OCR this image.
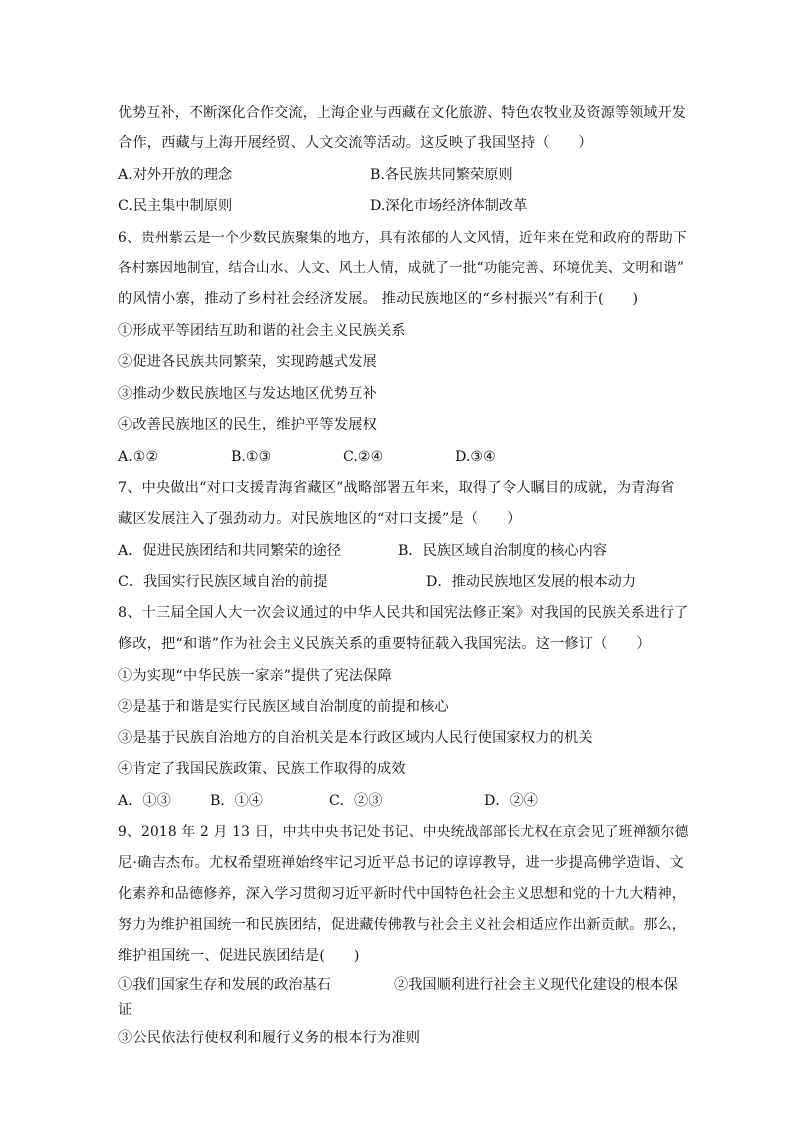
优势互补，不断深化合作交流，上海企业与西藏在文化旅游、特色农牧业及资源等领域开发
合作，西藏与上海开展经贸、人文交流等活动。这反映了我国坚持（　　）
A.对外开放的理念	B.各民族共同繁荣原则
C.民主集中制原则	D.深化市场经济体制改革
6、贵州紫云是一个少数民族聚集的地方，具有浓郁的人文风情，近年来在党和政府的帮助下
各村寨因地制宜，结合山水、人文、风土人情，成就了一批“功能完善、环境优美、文明和谐”
的风情小寨，推动了乡村社会经济发展。 推动民族地区的“乡村振兴”有利于(　　)
①形成平等团结互助和谐的社会主义民族关系
②促进各民族共同繁荣，实现跨越式发展
③推动少数民族地区与发达地区优势互补
④改善民族地区的民生，维护平等发展权
A.①②	B.①③	C.②④	D.③④
7、中央做出“对口支援青海省藏区”战略部署五年来，取得了令人瞩目的成就，为青海省
藏区发展注入了强劲动力。对民族地区的“对口支援”是（　　）
A．促进民族团结和共同繁荣的途径	B．民族区域自治制度的核心内容
C．我国实行民族区域自治的前提	D．推动民族地区发展的根本动力
8、十三届全国人大一次会议通过的中华人民共和国宪法修正案》对我国的民族关系进行了
修改，把“和谐”作为社会主义民族关系的重要特征载入我国宪法。这一修订（　　）
①为实现“中华民族一家亲”提供了宪法保障
②是基于和谐是实行民族区域自治制度的前提和核心
③是基于民族自治地方的自治机关是本行政区域内人民行使国家权力的机关
④肯定了我国民族政策、民族工作取得的成效
A．①③	B．①④	C．②③	D．②④
9、2018 年 2 月 13 日，中共中央书记处书记、中央统战部部长尤权在京会见了班禅额尔德
尼·确吉杰布。尤权希望班禅始终牢记习近平总书记的谆谆教导，进一步提高佛学造诣、文
化素养和品德修养，深入学习贯彻习近平新时代中国特色社会主义思想和党的十九大精神，
努力为维护祖国统一和民族团结，促进藏传佛教与社会主义社会相适应作出新贡献。那么，
维护祖国统一、促进民族团结是(　　)
①我们国家生存和发展的政治基石	②我国顺利进行社会主义现代化建设的根本保
证
③公民依法行使权利和履行义务的根本行为准则
